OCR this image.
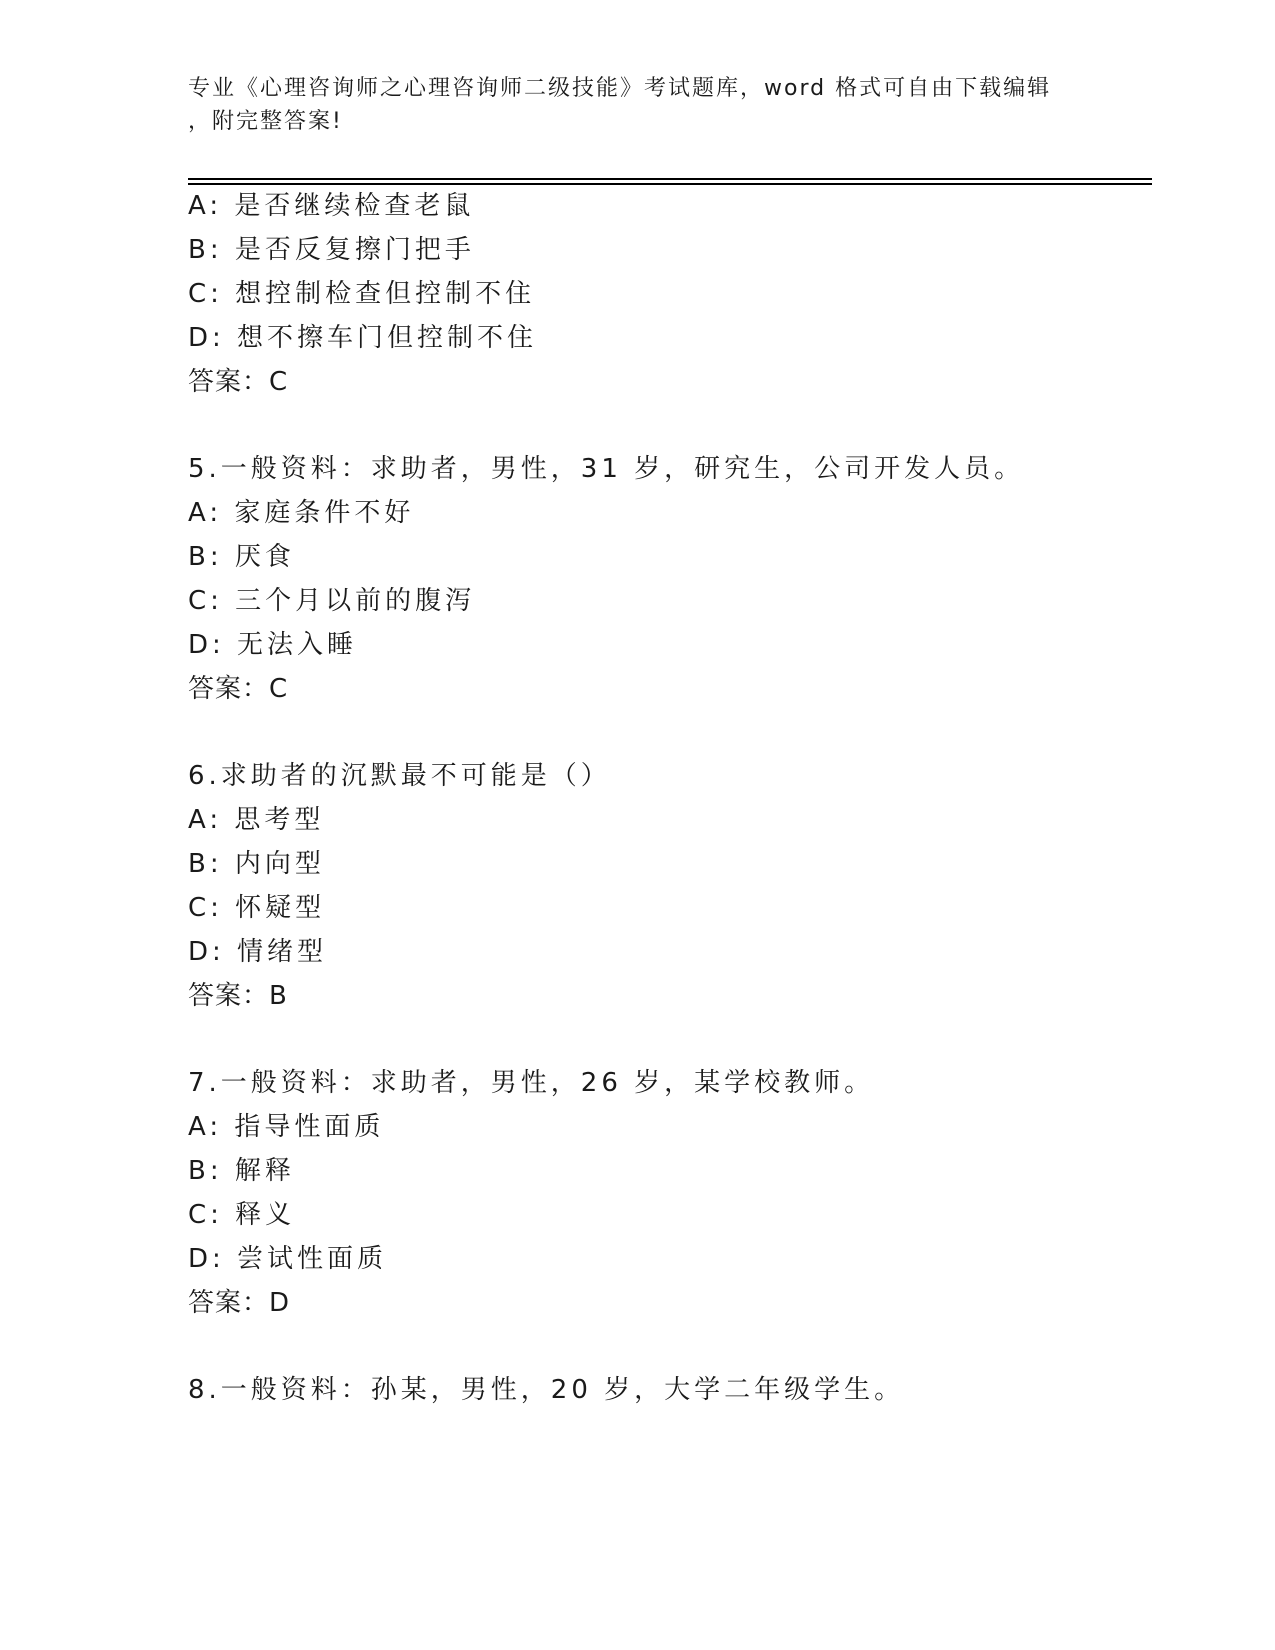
专业《心理咨询师之心理咨询师二级技能》考试题库，word 格式可自由下载编辑
，附完整答案!
A: 是否继续检查老鼠
B: 是否反复擦门把手
C: 想控制检查但控制不住
D: 想不擦车门但控制不住
答案：C
5.一般资料：求助者，男性，31 岁，研究生，公司开发人员。
A: 家庭条件不好
B: 厌食
C: 三个月以前的腹泻
D: 无法入睡
答案：C
6.求助者的沉默最不可能是（）
A: 思考型
B: 内向型
C: 怀疑型
D: 情绪型
答案：B
7.一般资料：求助者，男性，26 岁，某学校教师。
A: 指导性面质
B: 解释
C: 释义
D: 尝试性面质
答案：D
8.一般资料：孙某，男性，20 岁，大学二年级学生。
